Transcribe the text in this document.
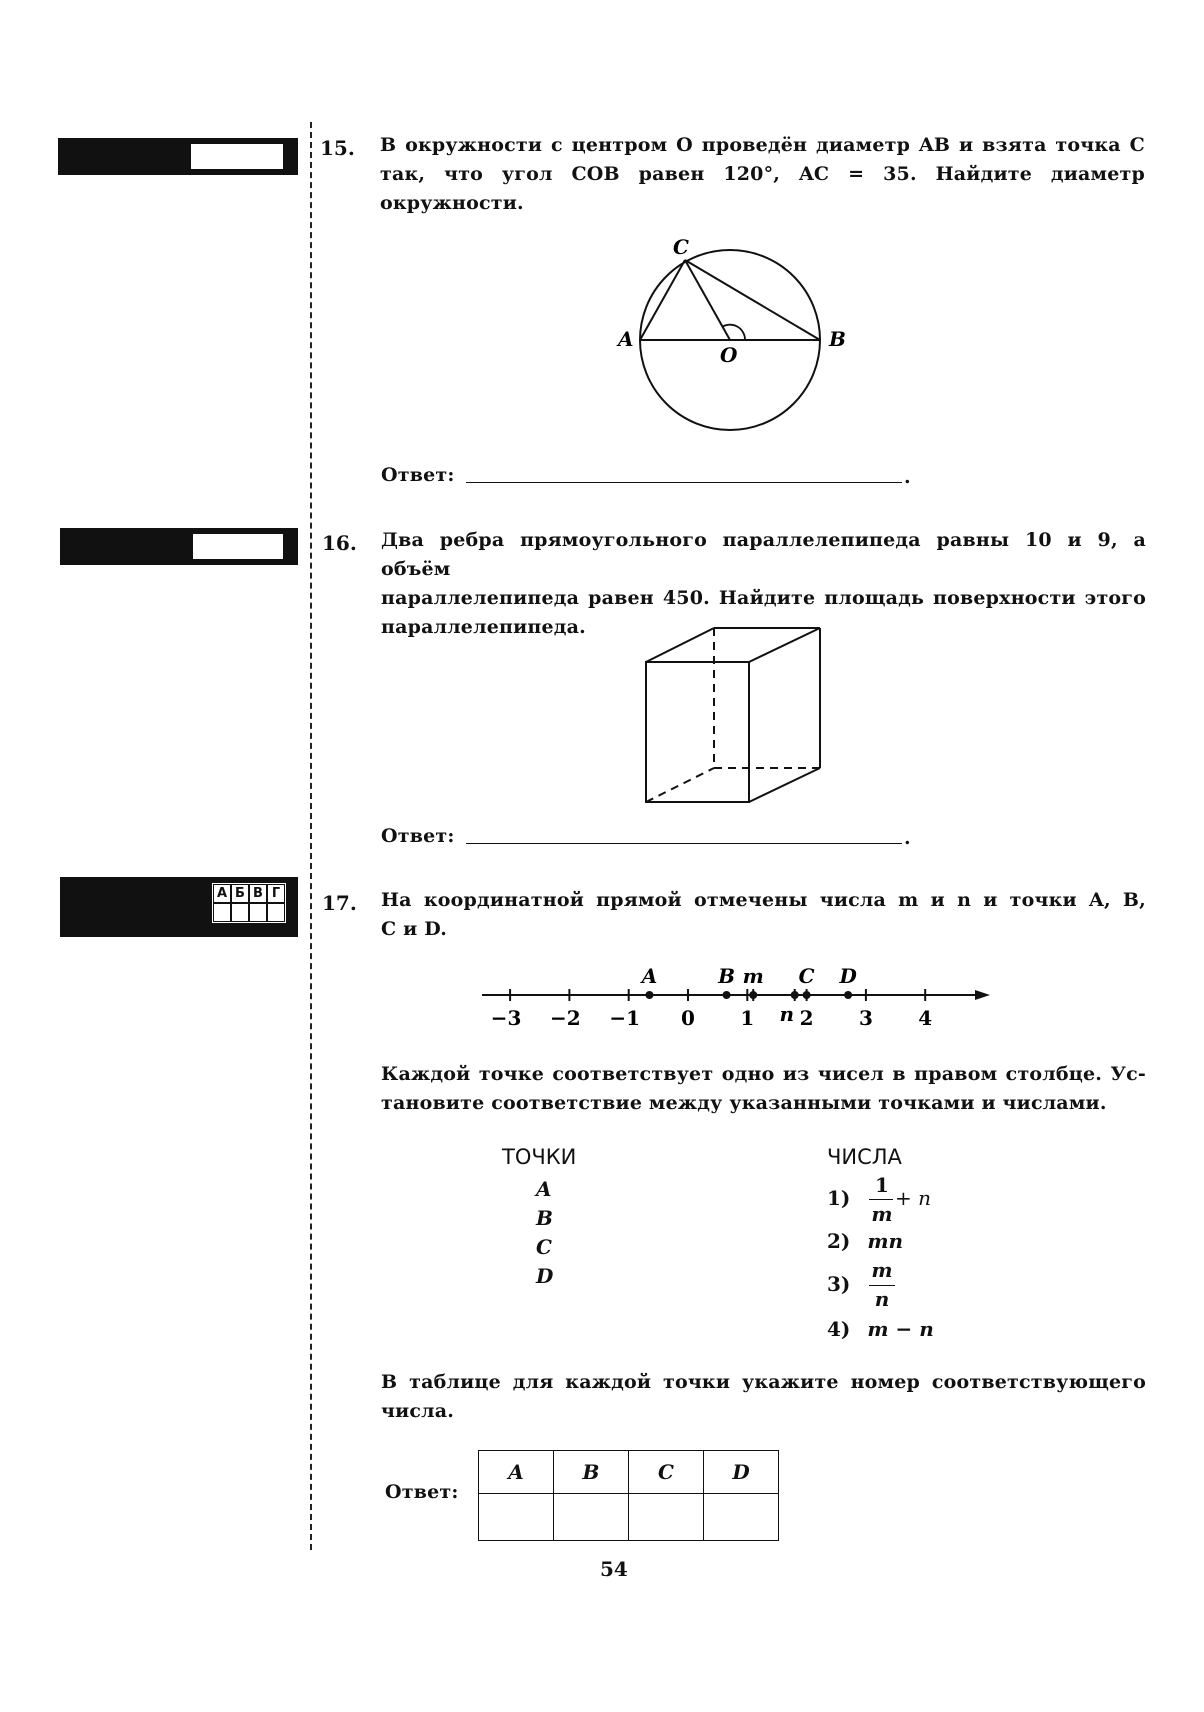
А Б В Г
15. В окружности с центром O проведён диаметр AB и взята точка C
так, что угол COB равен 120°, AC = 35. Найдите диаметр
окружности.
C
A
O
B
Ответ:	.
16. Два ребра прямоугольного параллелепипеда равны 10 и 9, а объём
параллелепипеда равен 450. Найдите площадь поверхности этого
параллелепипеда.
Ответ:	.
17. На координатной прямой отмечены числа m и n и точки A, B,
C и D.
−3 −2 −1 0 1 2 3 4
A	B m
n
C D
Каждой точке соответствует одно из чисел в правом столбце. Ус-
тановите соответствие между указанными точками и числами.
ТОЧКИ	ЧИСЛА
A
B
C
D
1)
1
m
+ n
2) mn
3)
m
n
4) m − n
В таблице для каждой точки укажите номер соответствующего
числа.
Ответ:
A	B	C	D

54
